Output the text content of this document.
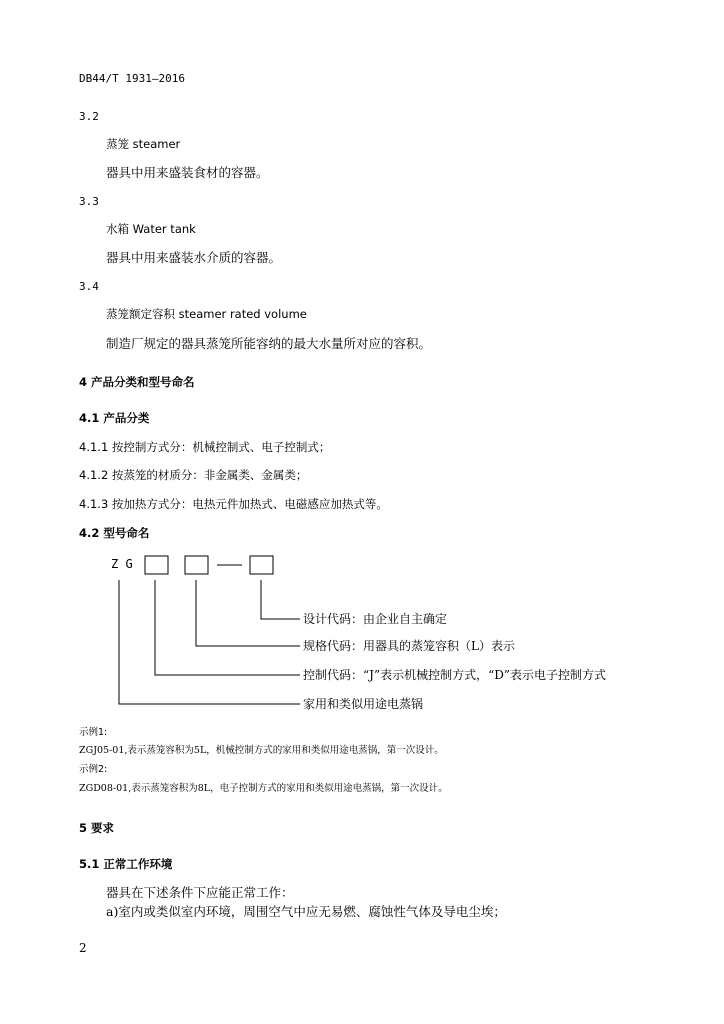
DB44/T 1931—2016
3.2
蒸笼 steamer
器具中用来盛装食材的容器。
3.3
水箱 Water tank
器具中用来盛装水介质的容器。
3.4
蒸笼额定容积 steamer rated volume
制造厂规定的器具蒸笼所能容纳的最大水量所对应的容积。
4 产品分类和型号命名
4.1 产品分类
4.1.1 按控制方式分：机械控制式、电子控制式；
4.1.2 按蒸笼的材质分：非金属类、金属类；
4.1.3 按加热方式分：电热元件加热式、电磁感应加热式等。
4.2 型号命名
Z G
设计代码：由企业自主确定
规格代码：用器具的蒸笼容积（L）表示
控制代码：“J”表示机械控制方式，“D”表示电子控制方式
家用和类似用途电蒸锅
示例1:
ZGJ05-01,表示蒸笼容积为5L，机械控制方式的家用和类似用途电蒸锅，第一次设计。
示例2:
ZGD08-01,表示蒸笼容积为8L，电子控制方式的家用和类似用途电蒸锅，第一次设计。
5 要求
5.1 正常工作环境
器具在下述条件下应能正常工作：
a)室内或类似室内环境，周围空气中应无易燃、腐蚀性气体及导电尘埃；
2
